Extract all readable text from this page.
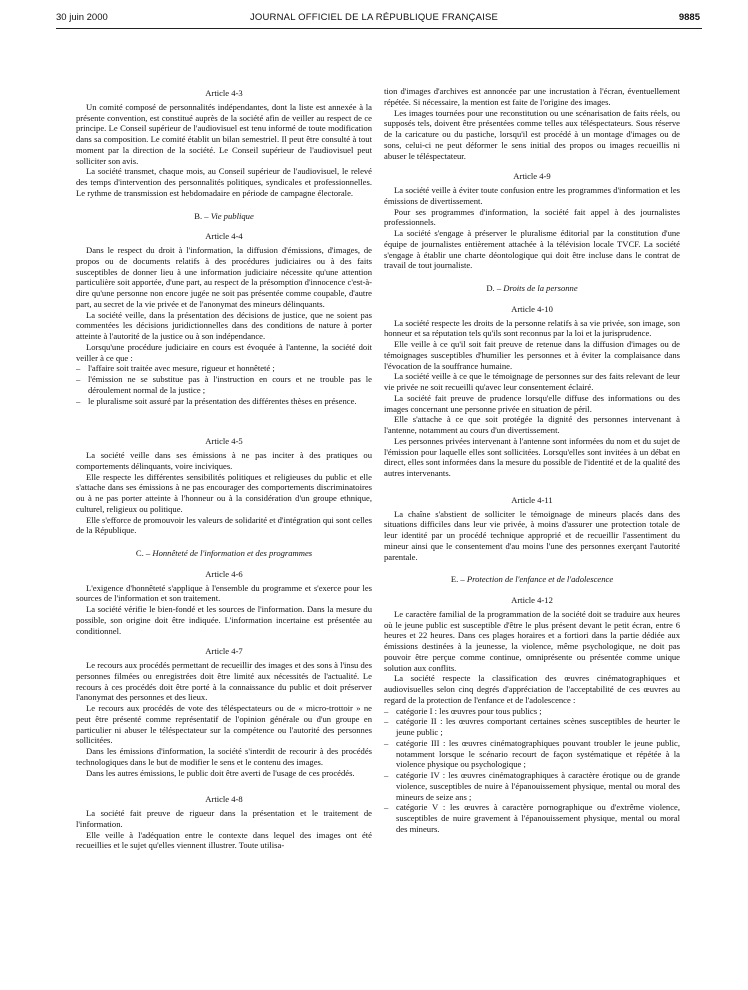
30 juin 2000	JOURNAL OFFICIEL DE LA RÉPUBLIQUE FRANÇAISE	9885
Article 4-3

Un comité composé de personnalités indépendantes, dont la liste est annexée à la présente convention, est constitué auprès de la société afin de veiller au respect de ce principe. Le Conseil supérieur de l'audiovisuel est tenu informé de toute modification dans sa composition. Le comité établit un bilan semestriel. Il peut être consulté à tout moment par la direction de la société. Le Conseil supérieur de l'audiovisuel peut solliciter son avis.

La société transmet, chaque mois, au Conseil supérieur de l'audiovisuel, le relevé des temps d'intervention des personnalités politiques, syndicales et professionnelles. Le rythme de transmission est hebdomadaire en période de campagne électorale.

B. – Vie publique
Article 4-4

Dans le respect du droit à l'information, la diffusion d'émissions, d'images, de propos ou de documents relatifs à des procédures judiciaires ou à des faits susceptibles de donner lieu à une information judiciaire nécessite qu'une attention particulière soit apportée, d'une part, au respect de la présomption d'innocence c'est-à-dire qu'une personne non encore jugée ne soit pas présentée comme coupable, d'autre part, au secret de la vie privée et de l'anonymat des mineurs délinquants.

La société veille, dans la présentation des décisions de justice, que ne soient pas commentées les décisions juridictionnelles dans des conditions de nature à porter atteinte à l'autorité de la justice ou à son indépendance.

Lorsqu'une procédure judiciaire en cours est évoquée à l'antenne, la société doit veiller à ce que :

– l'affaire soit traitée avec mesure, rigueur et honnêteté ;
– l'émission ne se substitue pas à l'instruction en cours et ne trouble pas le déroulement normal de la justice ;
– le pluralisme soit assuré par la présentation des différentes thèses en présence.
Article 4-5

La société veille dans ses émissions à ne pas inciter à des pratiques ou comportements délinquants, voire inciviques.

Elle respecte les différentes sensibilités politiques et religieuses du public et elle s'attache dans ses émissions à ne pas encourager des comportements discriminatoires ou à ne pas porter atteinte à l'honneur ou à la considération d'un groupe ethnique, culturel, religieux ou politique.

Elle s'efforce de promouvoir les valeurs de solidarité et d'intégration qui sont celles de la République.

C. – Honnêteté de l'information et des programmes
Article 4-6

L'exigence d'honnêteté s'applique à l'ensemble du programme et s'exerce pour les sources de l'information et son traitement.

La société vérifie le bien-fondé et les sources de l'information. Dans la mesure du possible, son origine doit être indiquée. L'information incertaine est présentée au conditionnel.

Article 4-7

Le recours aux procédés permettant de recueillir des images et des sons à l'insu des personnes filmées ou enregistrées doit être limité aux nécessités de l'actualité. Le recours à ces procédés doit être porté à la connaissance du public et doit préserver l'anonymat des personnes et des lieux.

Le recours aux procédés de vote des téléspectateurs ou de « micro-trottoir » ne peut être présenté comme représentatif de l'opinion générale ou d'un groupe en particulier ni abuser le téléspectateur sur la compétence ou l'autorité des personnes sollicitées.

Dans les émissions d'information, la société s'interdit de recourir à des procédés technologiques dans le but de modifier le sens et le contenu des images.

Dans les autres émissions, le public doit être averti de l'usage de ces procédés.

Article 4-8

La société fait preuve de rigueur dans la présentation et le traitement de l'information.

Elle veille à l'adéquation entre le contexte dans lequel des images ont été recueillies et le sujet qu'elles viennent illustrer. Toute utilisa-

tion d'images d'archives est annoncée par une incrustation à l'écran, éventuellement répétée. Si nécessaire, la mention est faite de l'origine des images.

Les images tournées pour une reconstitution ou une scénarisation de faits réels, ou supposés tels, doivent être présentées comme telles aux téléspectateurs. Sous réserve de la caricature ou du pastiche, lorsqu'il est procédé à un montage d'images ou de sons, celui-ci ne peut déformer le sens initial des propos ou images recueillis ni abuser le téléspectateur.

Article 4-9

La société veille à éviter toute confusion entre les programmes d'information et les émissions de divertissement.

Pour ses programmes d'information, la société fait appel à des journalistes professionnels.

La société s'engage à préserver le pluralisme éditorial par la constitution d'une équipe de journalistes entièrement attachée à la télévision locale TVCF. La société s'engage à établir une charte déontologique qui doit être incluse dans le contrat de travail de tout journaliste.

D. – Droits de la personne
Article 4-10

La société respecte les droits de la personne relatifs à sa vie privée, son image, son honneur et sa réputation tels qu'ils sont reconnus par la loi et la jurisprudence.

Elle veille à ce qu'il soit fait preuve de retenue dans la diffusion d'images ou de témoignages susceptibles d'humilier les personnes et à éviter la complaisance dans l'évocation de la souffrance humaine.

La société veille à ce que le témoignage de personnes sur des faits relevant de leur vie privée ne soit recueilli qu'avec leur consentement éclairé.

La société fait preuve de prudence lorsqu'elle diffuse des informations ou des images concernant une personne privée en situation de péril.

Elle s'attache à ce que soit protégée la dignité des personnes intervenant à l'antenne, notamment au cours d'un divertissement.

Les personnes privées intervenant à l'antenne sont informées du nom et du sujet de l'émission pour laquelle elles sont sollicitées. Lorsqu'elles sont invitées à un débat en direct, elles sont informées dans la mesure du possible de l'identité et de la qualité des autres intervenants.

Article 4-11

La chaîne s'abstient de solliciter le témoignage de mineurs placés dans des situations difficiles dans leur vie privée, à moins d'assurer une protection totale de leur identité par un procédé technique approprié et de recueillir l'assentiment du mineur ainsi que le consentement d'au moins l'une des personnes exerçant l'autorité parentale.

E. – Protection de l'enfance et de l'adolescence
Article 4-12

Le caractère familial de la programmation de la société doit se traduire aux heures où le jeune public est susceptible d'être le plus présent devant le petit écran, entre 6 heures et 22 heures. Dans ces plages horaires et a fortiori dans la partie dédiée aux émissions destinées à la jeunesse, la violence, même psychologique, ne doit pas pouvoir être perçue comme continue, omniprésente ou présentée comme unique solution aux conflits.

La société respecte la classification des œuvres cinématographiques et audiovisuelles selon cinq degrés d'appréciation de l'acceptabilité de ces œuvres au regard de la protection de l'enfance et de l'adolescence :

– catégorie I : les œuvres pour tous publics ;
– catégorie II : les œuvres comportant certaines scènes susceptibles de heurter le jeune public ;
– catégorie III : les œuvres cinématographiques pouvant troubler le jeune public, notamment lorsque le scénario recourt de façon systématique et répétée à la violence physique ou psychologique ;
– catégorie IV : les œuvres cinématographiques à caractère érotique ou de grande violence, susceptibles de nuire à l'épanouissement physique, mental ou moral des mineurs de seize ans ;
– catégorie V : les œuvres à caractère pornographique ou d'extrême violence, susceptibles de nuire gravement à l'épanouissement physique, mental ou moral des mineurs.
